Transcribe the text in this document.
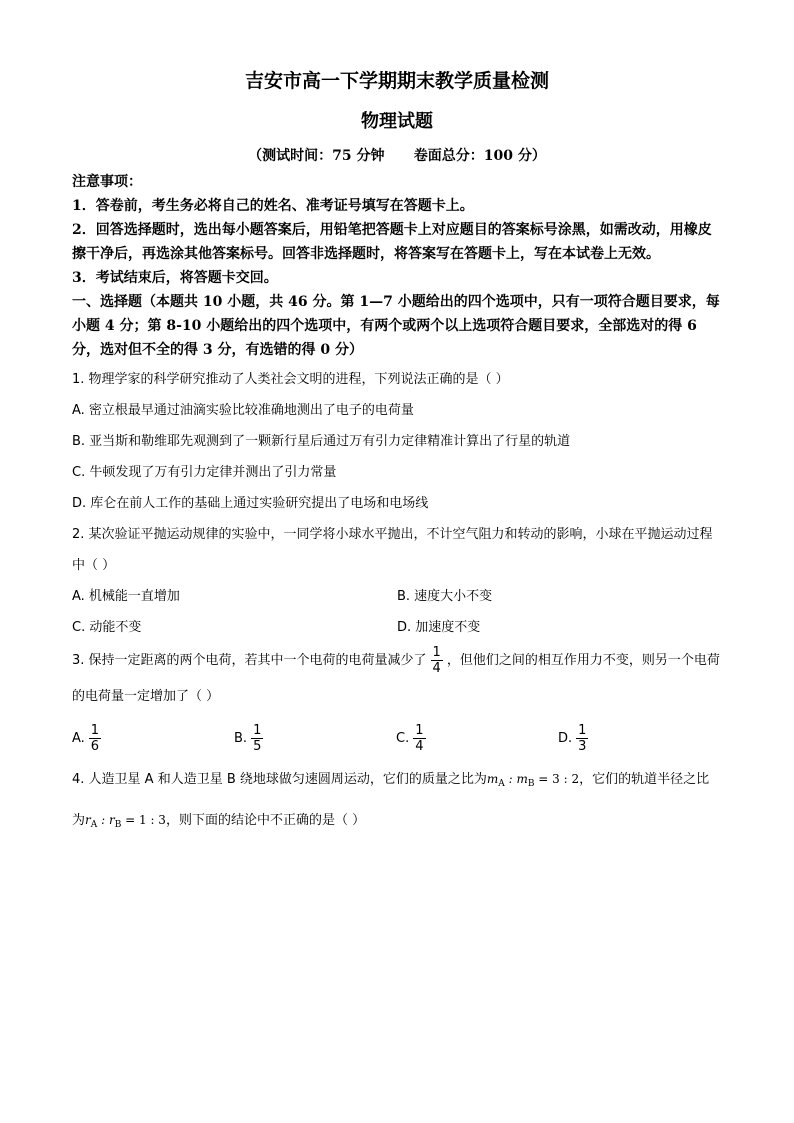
吉安市高一下学期期末教学质量检测
物理试题
（测试时间：75 分钟      卷面总分：100 分）

注意事项：

1．答卷前，考生务必将自己的姓名、准考证号填写在答题卡上。

2．回答选择题时，选出每小题答案后，用铅笔把答题卡上对应题目的答案标号涂黑，如需改动，用橡皮擦干净后，再选涂其他答案标号。回答非选择题时，将答案写在答题卡上，写在本试卷上无效。

3．考试结束后，将答题卡交回。

一、选择题（本题共 10 小题，共 46 分。第 1—7 小题给出的四个选项中，只有一项符合题目要求，每小题 4 分；第 8-10 小题给出的四个选项中，有两个或两个以上选项符合题目要求，全部选对的得 6 分，选对但不全的得 3 分，有选错的得 0 分）

1. 物理学家的科学研究推动了人类社会文明的进程，下列说法正确的是（ ）

A. 密立根最早通过油滴实验比较准确地测出了电子的电荷量

B. 亚当斯和勒维耶先观测到了一颗新行星后通过万有引力定律精准计算出了行星的轨道

C. 牛顿发现了万有引力定律并测出了引力常量

D. 库仑在前人工作的基础上通过实验研究提出了电场和电场线

2. 某次验证平抛运动规律的实验中，一同学将小球水平抛出，不计空气阻力和转动的影响，小球在平抛运动过程中（ ）

A. 机械能一直增加	B. 速度大小不变
C. 动能不变	D. 加速度不变

3. 保持一定距离的两个电荷，若其中一个电荷的电荷量减少了 $\frac{1}{4}$ ，但他们之间的相互作用力不变，则另一个电荷的电荷量一定增加了（ ）

A. $\frac{1}{6}$	B. $\frac{1}{5}$	C. $\frac{1}{4}$	D. $\frac{1}{3}$

4. 人造卫星 A 和人造卫星 B 绕地球做匀速圆周运动，它们的质量之比为$m_A$ : $m_B = 3$ : 2，它们的轨道半径之比为$r_A$ : $r_B = 1$ : 3，则下面的结论中不正确的是（ ）
